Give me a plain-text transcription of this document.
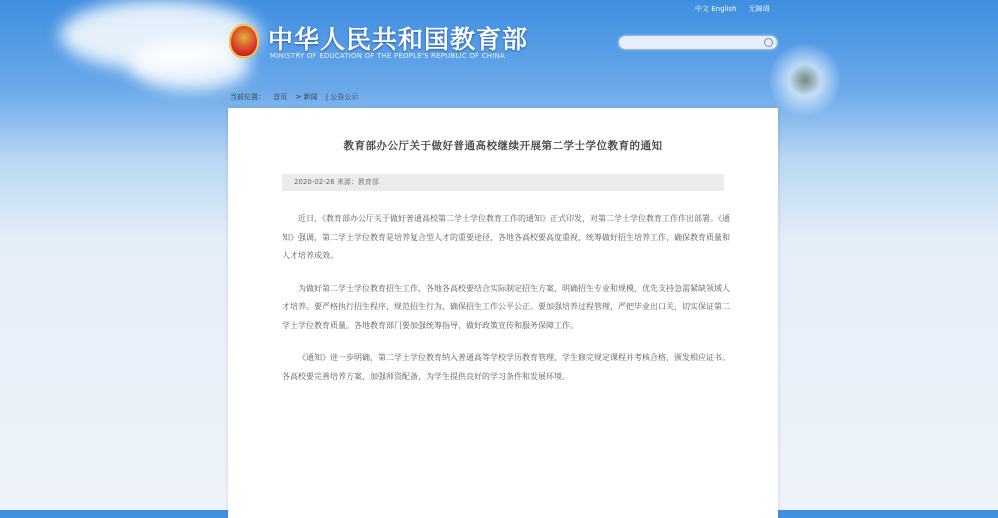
中华人民共和国教育部
MINISTRY OF EDUCATION OF THE PEOPLE'S REPUBLIC OF CHINA
中文 English 无障碍
当前位置： 首页 > 新闻 | 公告公示
教育部办公厅关于做好普通高校继续开展第二学士学位教育的通知
2020-02-26 来源：教育部

近日，《教育部办公厅关于做好普通高校第二学士学位教育工作的通知》正式印发，对第二学士学位教育工作作出部署。《通知》强调，第二学士学位教育是培养复合型人才的重要途径，各地各高校要高度重视，统筹做好招生培养工作，确保教育质量和人才培养成效。

为做好第二学士学位教育招生工作，各地各高校要结合实际制定招生方案，明确招生专业和规模，优先支持急需紧缺领域人才培养。要严格执行招生程序，规范招生行为，确保招生工作公平公正。要加强培养过程管理，严把毕业出口关，切实保证第二学士学位教育质量。各地教育部门要加强统筹指导，做好政策宣传和服务保障工作。

《通知》进一步明确，第二学士学位教育纳入普通高等学校学历教育管理，学生修完规定课程并考核合格，颁发相应证书。各高校要完善培养方案，加强师资配备，为学生提供良好的学习条件和发展环境。
